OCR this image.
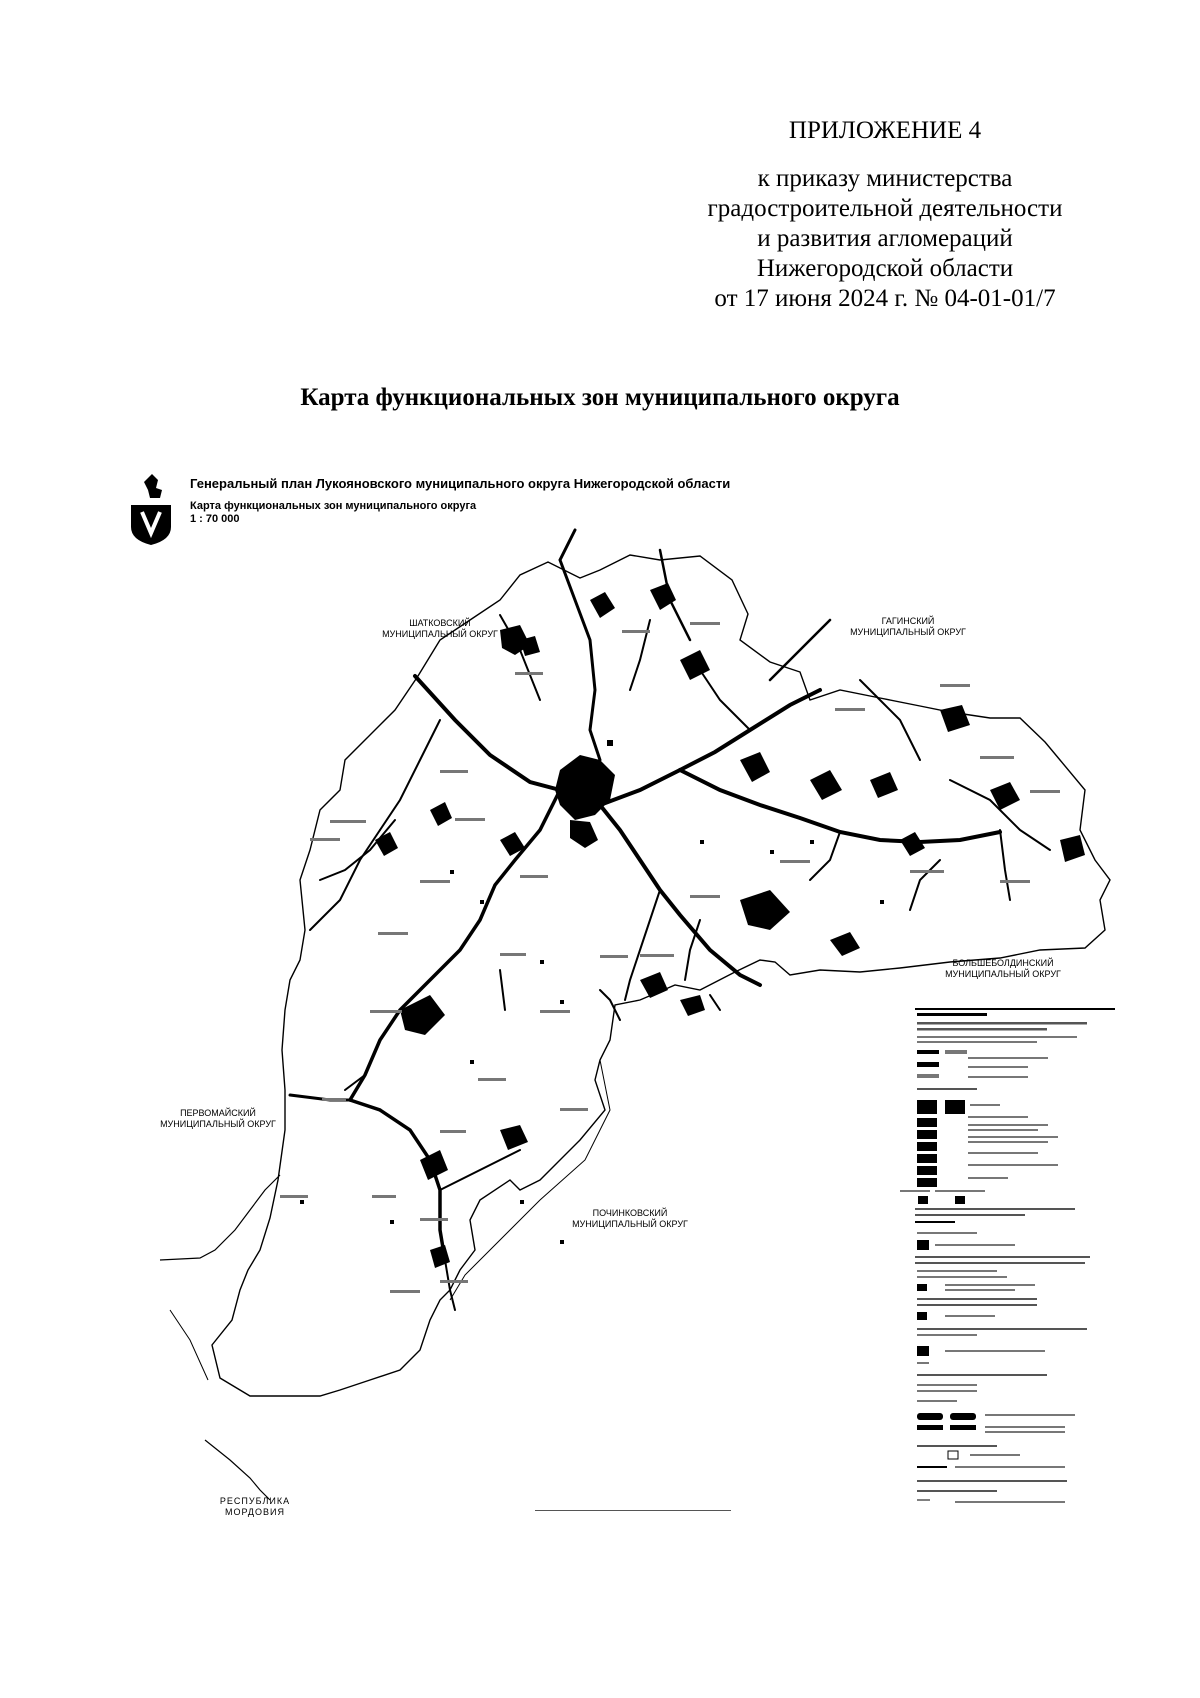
ПРИЛОЖЕНИЕ 4
к приказу министерства
градостроительной деятельности
и развития агломераций
Нижегородской области
от 17 июня 2024 г. № 04-01-01/7
Карта функциональных зон муниципального округа
Генеральный план Лукояновского муниципального округа Нижегородской области
Карта функциональных зон муниципального округа
1 : 70 000
ШАТКОВСКИЙ
МУНИЦИПАЛЬНЫЙ ОКРУГ
ГАГИНСКИЙ
МУНИЦИПАЛЬНЫЙ ОКРУГ
БОЛЬШЕБОЛДИНСКИЙ
МУНИЦИПАЛЬНЫЙ ОКРУГ
ПЕРВОМАЙСКИЙ
МУНИЦИПАЛЬНЫЙ ОКРУГ
ПОЧИНКОВСКИЙ
МУНИЦИПАЛЬНЫЙ ОКРУГ
РЕСПУБЛИКА
МОРДОВИЯ
